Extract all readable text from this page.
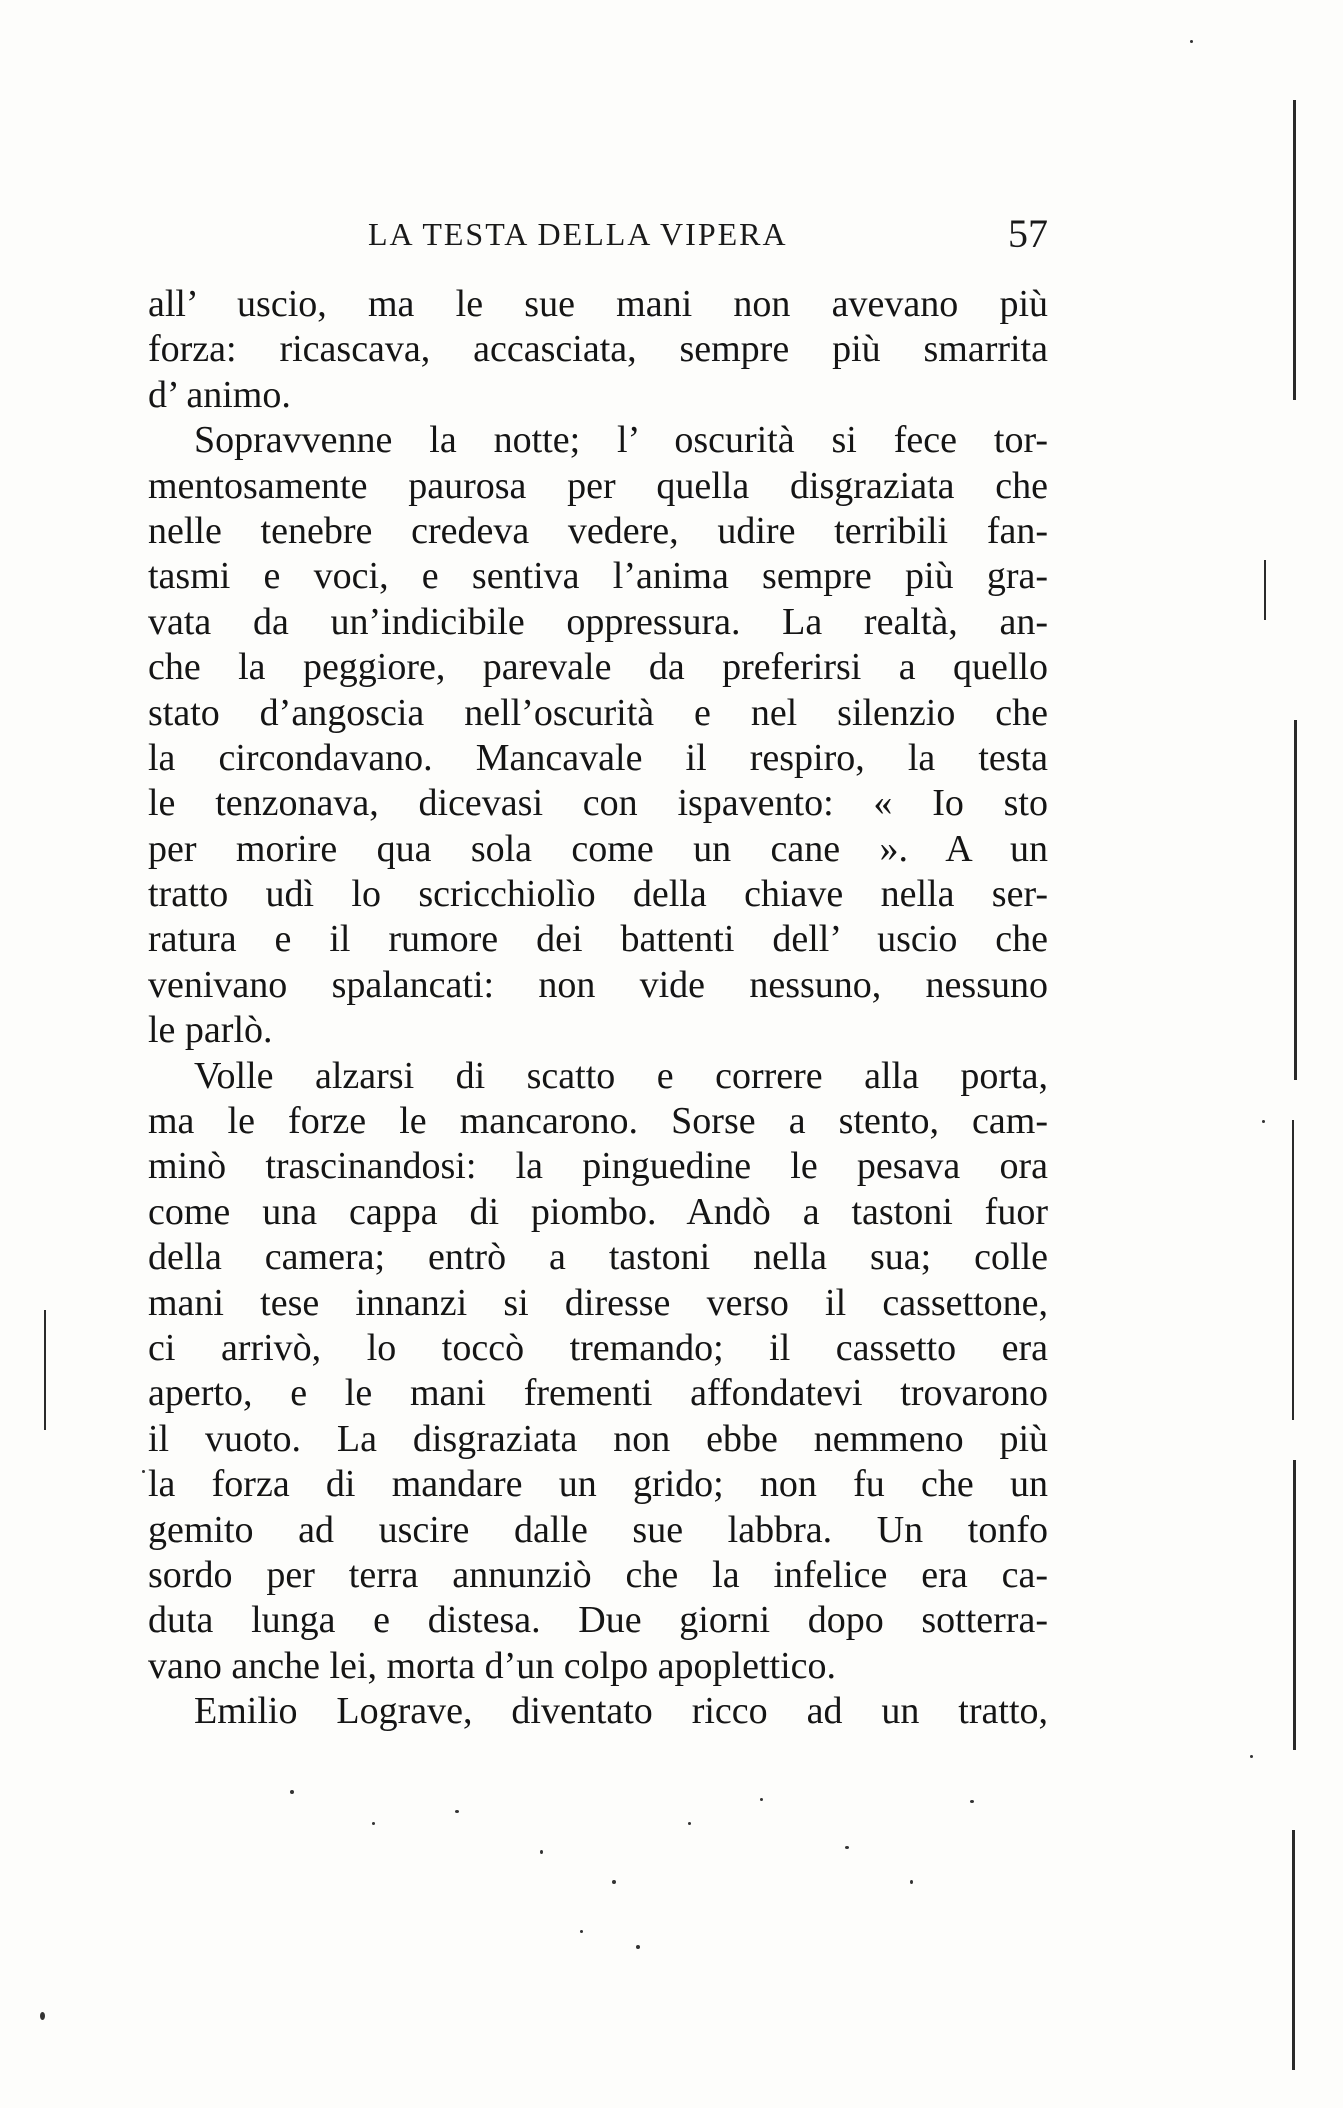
LA TESTA DELLA VIPERA	57
all’ uscio, ma le sue mani non avevano più
forza: ricascava, accasciata, sempre più smarrita
d’ animo.
Sopravvenne la notte; l’ oscurità si fece tor-
mentosamente paurosa per quella disgraziata che
nelle tenebre credeva vedere, udire terribili fan-
tasmi e voci, e sentiva l’anima sempre più gra-
vata da un’indicibile oppressura. La realtà, an-
che la peggiore, parevale da preferirsi a quello
stato d’angoscia nell’oscurità e nel silenzio che
la circondavano. Mancavale il respiro, la testa
le tenzonava, dicevasi con ispavento: « Io sto
per morire qua sola come un cane ». A un
tratto udì lo scricchiolìo della chiave nella ser-
ratura e il rumore dei battenti dell’ uscio che
venivano spalancati: non vide nessuno, nessuno
le parlò.
Volle alzarsi di scatto e correre alla porta,
ma le forze le mancarono. Sorse a stento, cam-
minò trascinandosi: la pinguedine le pesava ora
come una cappa di piombo. Andò a tastoni fuor
della camera; entrò a tastoni nella sua; colle
mani tese innanzi si diresse verso il cassettone,
ci arrivò, lo toccò tremando; il cassetto era
aperto, e le mani frementi affondatevi trovarono
il vuoto. La disgraziata non ebbe nemmeno più
la forza di mandare un grido; non fu che un
gemito ad uscire dalle sue labbra. Un tonfo
sordo per terra annunziò che la infelice era ca-
duta lunga e distesa. Due giorni dopo sotterra-
vano anche lei, morta d’un colpo apoplettico.
Emilio Lograve, diventato ricco ad un tratto,
